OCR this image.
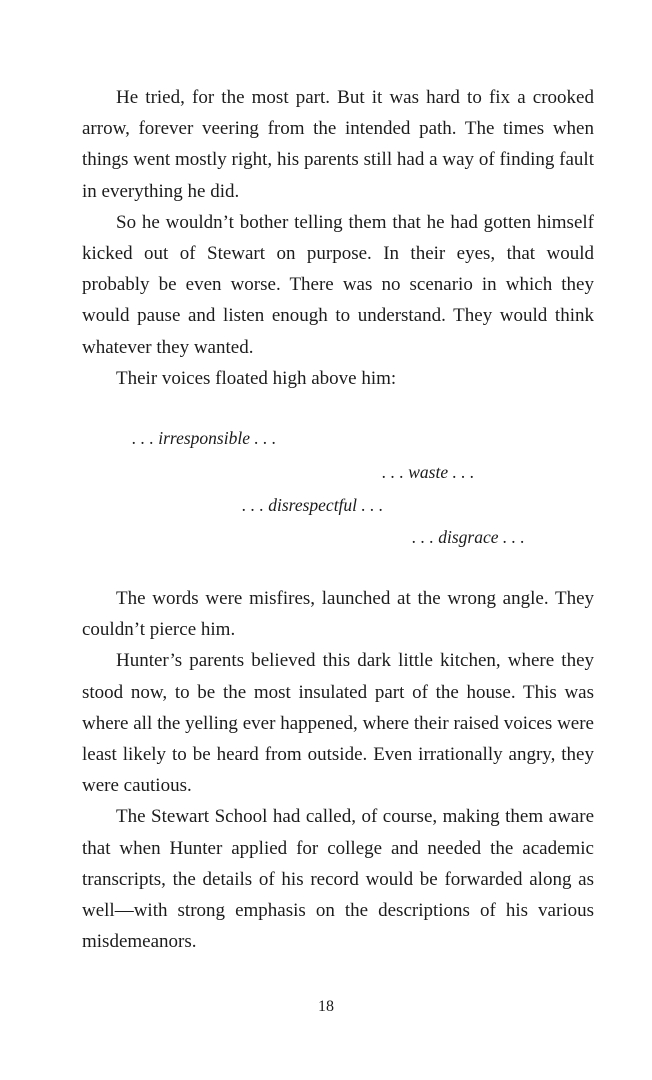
He tried, for the most part. But it was hard to fix a crooked arrow, forever veering from the intended path. The times when things went mostly right, his parents still had a way of finding fault in everything he did.

So he wouldn’t bother telling them that he had gotten himself kicked out of Stewart on purpose. In their eyes, that would probably be even worse. There was no scenario in which they would pause and listen enough to understand. They would think whatever they wanted.

Their voices floated high above him:

. . . irresponsible . . .
. . . waste . . .
. . . disrespectful . . .
. . . disgrace . . .

The words were misfires, launched at the wrong angle. They couldn’t pierce him.

Hunter’s parents believed this dark little kitchen, where they stood now, to be the most insulated part of the house. This was where all the yelling ever happened, where their raised voices were least likely to be heard from outside. Even irrationally angry, they were cautious.

The Stewart School had called, of course, making them aware that when Hunter applied for college and needed the academic transcripts, the details of his record would be forwarded along as well—with strong emphasis on the descriptions of his various misdemeanors.

18
